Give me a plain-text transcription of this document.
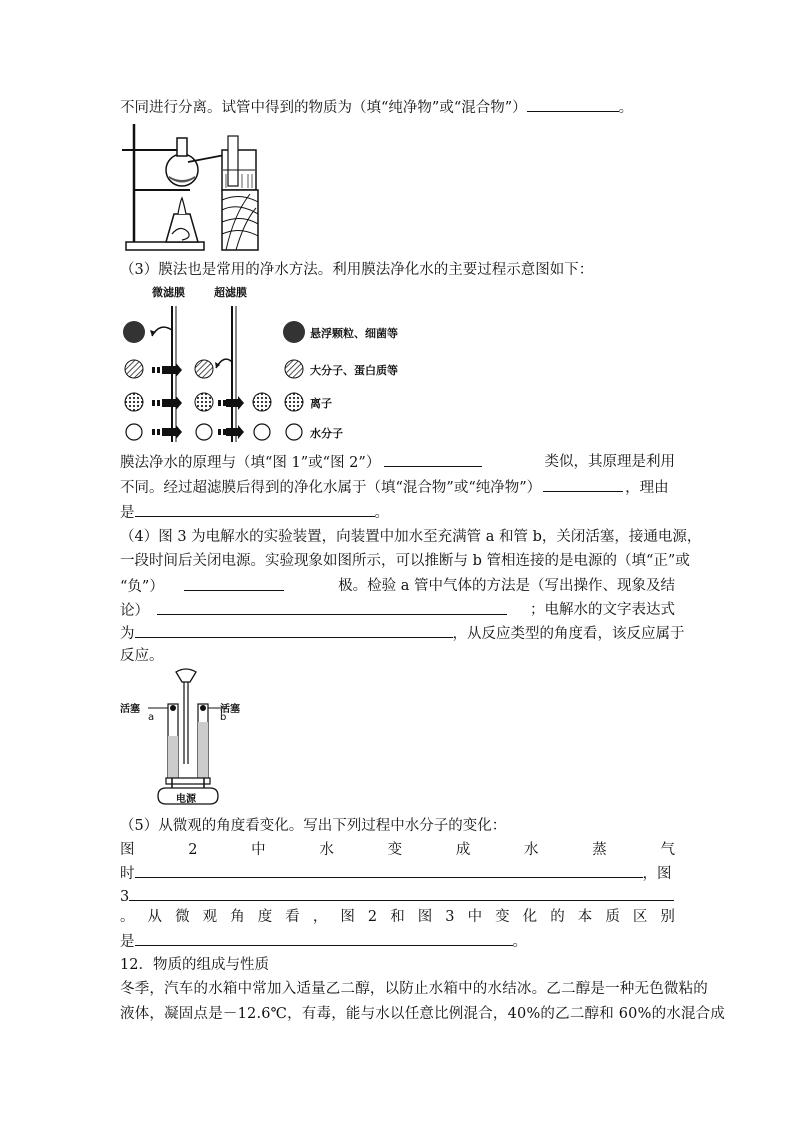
不同进行分离。试管中得到的物质为（填“纯净物”或“混合物”）	。
（3）膜法也是常用的净水方法。利用膜法净化水的主要过程示意图如下：
微滤膜	超滤膜
悬浮颗粒、细菌等
大分子、蛋白质等
离子
水分子
膜法净水的原理与（填“图 1”或“图 2”）	类似，其原理是利用
不同。经过超滤膜后得到的净化水属于（填“混合物”或“纯净物”）	，理由
是	。
（4）图 3 为电解水的实验装置，向装置中加水至充满管 a 和管 b，关闭活塞，接通电源，
一段时间后关闭电源。实验现象如图所示，可以推断与 b 管相连接的是电源的（填“正”或
“负”）	极。检验 a 管中气体的方法是（写出操作、现象及结
论）	；电解水的文字表达式
为	，从反应类型的角度看，该反应属于
反应。
活塞	活塞
a	b
电源
（5）从微观的角度看变化。写出下列过程中水分子的变化：
图	2	中	水	变	成	水	蒸	气
时	，图
3
。 从 微 观 角 度 看 ， 图 2 和 图 3 中 变 化 的 本 质 区 别
是	。
12．物质的组成与性质
冬季，汽车的水箱中常加入适量乙二醇，以防止水箱中的水结冰。乙二醇是一种无色微粘的
液体，凝固点是－12.6℃，有毒，能与水以任意比例混合，40%的乙二醇和 60%的水混合成
